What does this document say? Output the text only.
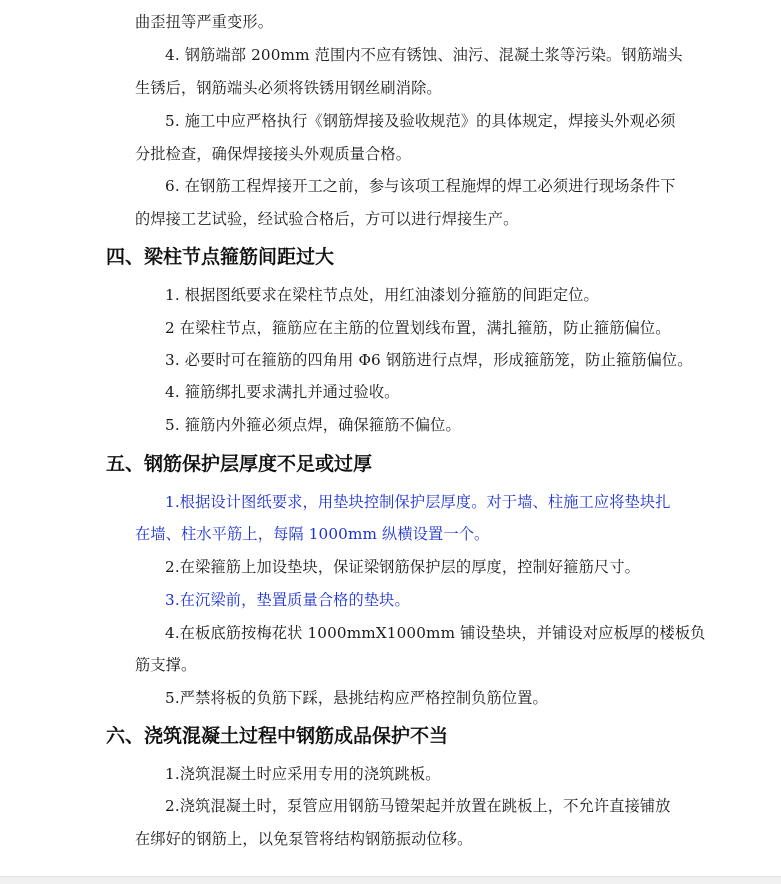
曲歪扭等严重变形。
4. 钢筋端部 200mm 范围内不应有锈蚀、油污、混凝土浆等污染。钢筋端头
生锈后，钢筋端头必须将铁锈用钢丝刷消除。
5. 施工中应严格执行《钢筋焊接及验收规范》的具体规定，焊接头外观必须
分批检查，确保焊接接头外观质量合格。
6. 在钢筋工程焊接开工之前，参与该项工程施焊的焊工必须进行现场条件下
的焊接工艺试验，经试验合格后，方可以进行焊接生产。
四、梁柱节点箍筋间距过大
1. 根据图纸要求在梁柱节点处，用红油漆划分箍筋的间距定位。
2 在梁柱节点，箍筋应在主筋的位置划线布置，满扎箍筋，防止箍筋偏位。
3. 必要时可在箍筋的四角用 Φ6 钢筋进行点焊，形成箍筋笼，防止箍筋偏位。
4. 箍筋绑扎要求满扎并通过验收。
5. 箍筋内外箍必须点焊，确保箍筋不偏位。
五、钢筋保护层厚度不足或过厚
1.根据设计图纸要求，用垫块控制保护层厚度。对于墙、柱施工应将垫块扎
在墙、柱水平筋上，每隔 1000mm 纵横设置一个。
2.在梁箍筋上加设垫块，保证梁钢筋保护层的厚度，控制好箍筋尺寸。
3.在沉梁前，垫置质量合格的垫块。
4.在板底筋按梅花状 1000mmX1000mm 铺设垫块，并铺设对应板厚的楼板负
筋支撑。
5.严禁将板的负筋下踩，悬挑结构应严格控制负筋位置。
六、浇筑混凝土过程中钢筋成品保护不当
1.浇筑混凝土时应采用专用的浇筑跳板。
2.浇筑混凝土时，泵管应用钢筋马镫架起并放置在跳板上，不允许直接铺放
在绑好的钢筋上，以免泵管将结构钢筋振动位移。
